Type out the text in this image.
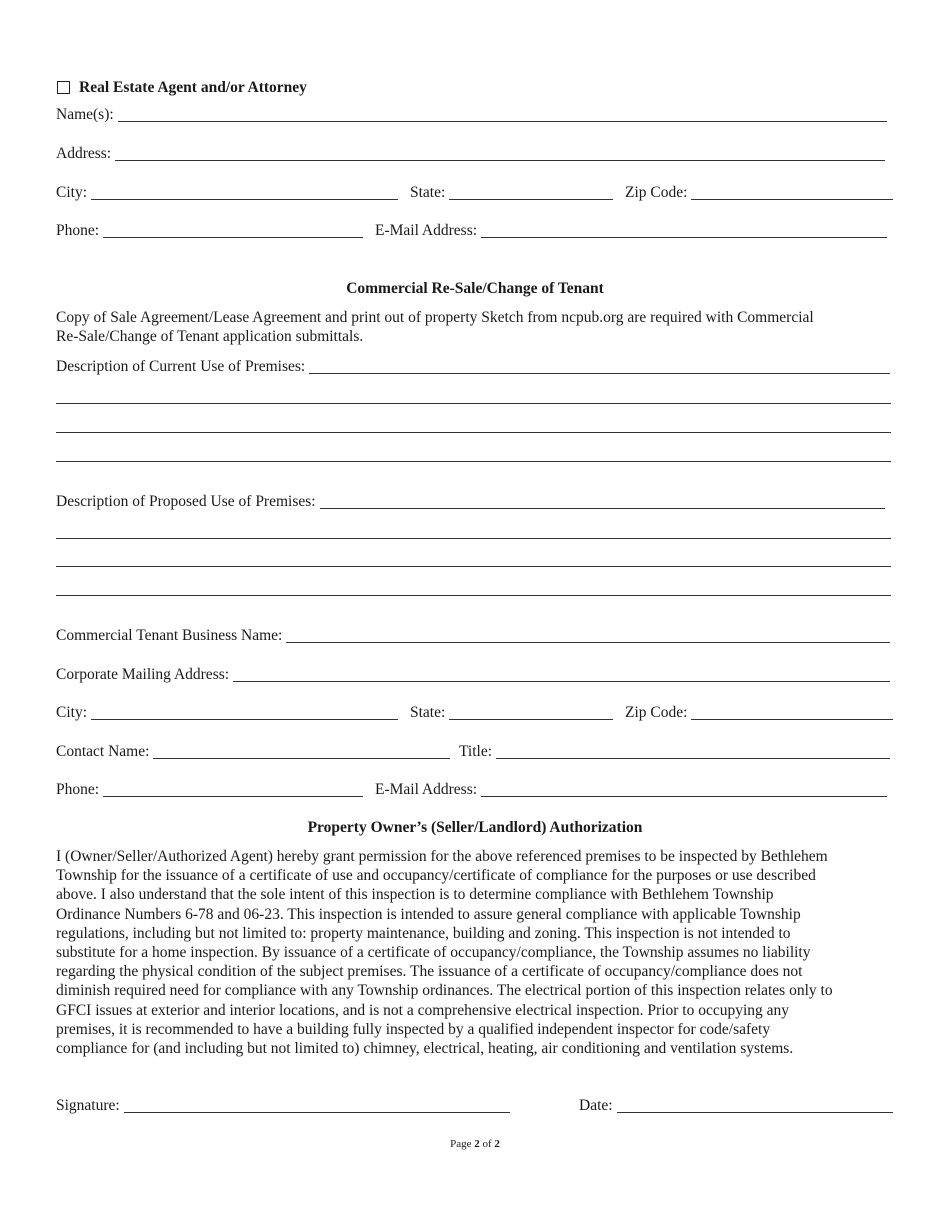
Real Estate Agent and/or Attorney
Name(s):
Address:
City:	State:	Zip Code:
Phone:	E-Mail Address:
Commercial Re-Sale/Change of Tenant
Copy of Sale Agreement/Lease Agreement and print out of property Sketch from ncpub.org are required with Commercial
Re-Sale/Change of Tenant application submittals.
Description of Current Use of Premises:
Description of Proposed Use of Premises:
Commercial Tenant Business Name:
Corporate Mailing Address:
City:	State:	Zip Code:
Contact Name:	Title:
Phone:	E-Mail Address:
Property Owner’s (Seller/Landlord) Authorization
I (Owner/Seller/Authorized Agent) hereby grant permission for the above referenced premises to be inspected by Bethlehem
Township for the issuance of a certificate of use and occupancy/certificate of compliance for the purposes or use described
above. I also understand that the sole intent of this inspection is to determine compliance with Bethlehem Township
Ordinance Numbers 6-78 and 06-23. This inspection is intended to assure general compliance with applicable Township
regulations, including but not limited to: property maintenance, building and zoning. This inspection is not intended to
substitute for a home inspection. By issuance of a certificate of occupancy/compliance, the Township assumes no liability
regarding the physical condition of the subject premises. The issuance of a certificate of occupancy/compliance does not
diminish required need for compliance with any Township ordinances. The electrical portion of this inspection relates only to
GFCI issues at exterior and interior locations, and is not a comprehensive electrical inspection. Prior to occupying any
premises, it is recommended to have a building fully inspected by a qualified independent inspector for code/safety
compliance for (and including but not limited to) chimney, electrical, heating, air conditioning and ventilation systems.
Signature:	Date:
Page 2 of 2
